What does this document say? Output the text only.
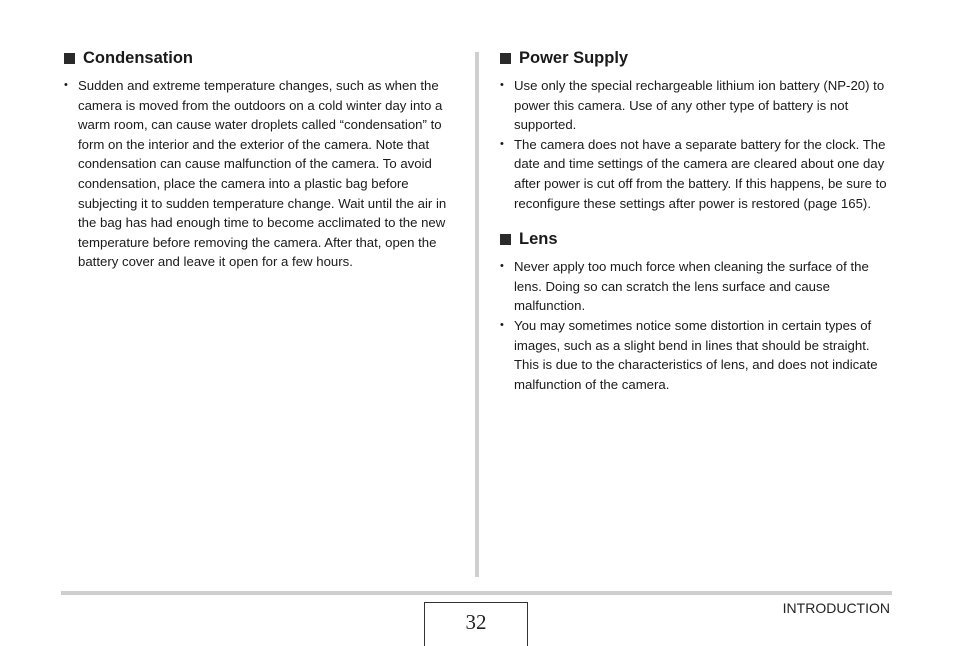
Condensation
• Sudden and extreme temperature changes, such as when the camera is moved from the outdoors on a cold winter day into a warm room, can cause water droplets called “condensation” to form on the interior and the exterior of the camera. Note that condensation can cause malfunction of the camera. To avoid condensation, place the camera into a plastic bag before subjecting it to sudden temperature change. Wait until the air in the bag has had enough time to become acclimated to the new temperature before removing the camera. After that, open the battery cover and leave it open for a few hours.
Power Supply
• Use only the special rechargeable lithium ion battery (NP-20) to power this camera. Use of any other type of battery is not supported.
• The camera does not have a separate battery for the clock. The date and time settings of the camera are cleared about one day after power is cut off from the battery. If this happens, be sure to reconfigure these settings after power is restored (page 165).
Lens
• Never apply too much force when cleaning the surface of the lens. Doing so can scratch the lens surface and cause malfunction.
• You may sometimes notice some distortion in certain types of images, such as a slight bend in lines that should be straight. This is due to the characteristics of lens, and does not indicate malfunction of the camera.
32
INTRODUCTION
